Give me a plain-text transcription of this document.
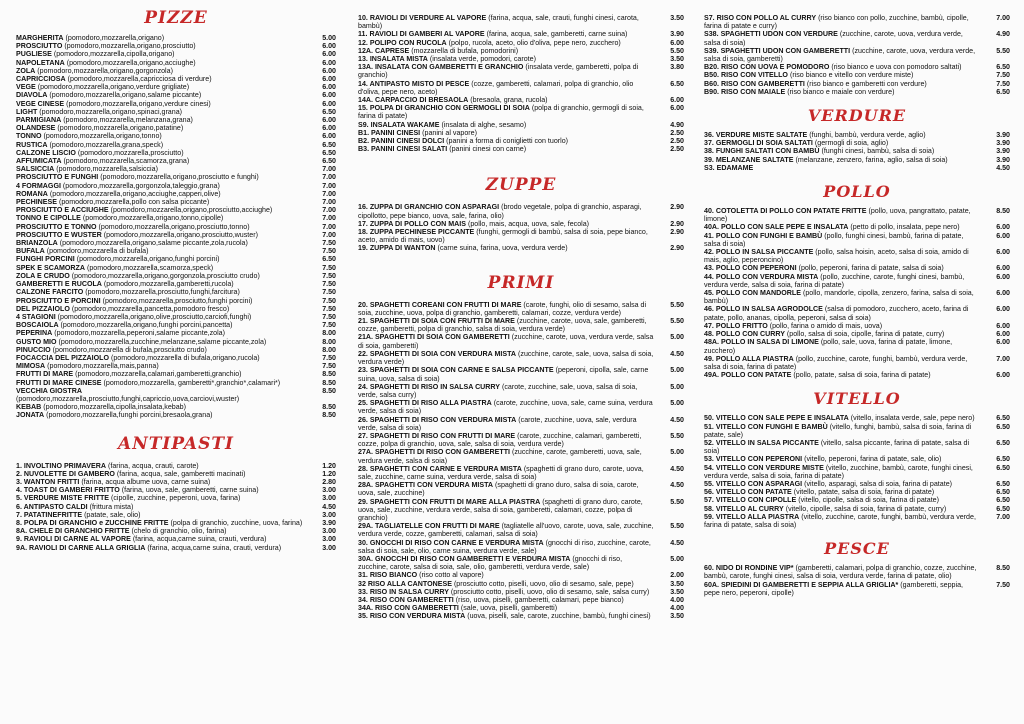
PIZZE
MARGHERITA (pomodoro,mozzarella,origano)	5.00
PROSCIUTTO (pomodoro,mozzarella,origano,prosciutto)	6.00
PUGLIESE (pomodoro,mozzarella,cipolla,origano)	6.00
NAPOLETANA (pomodoro,mozzarella,origano,acciughe)	6.00
ZOLA (pomodoro,mozzarella,origano,gorgonzola)	6.00
CAPRICCIOSA (pomodoro,mozzarella,capricciosa di verdure)	6.00
VEGE (pomodoro,mozzarella,origano,verdure grigliate)	6.00
DIAVOLA (pomodoro,mozzarella,origano,salame piccante)	6.00
VEGE CINESE (pomodoro,mozzarella,origano,verdure cinesi)	6.00
LIGHT (pomodoro,mozzarella,origano,spinaci,grana)	6.50
PARMIGIANA (pomodoro,mozzarella,melanzana,grana)	6.00
OLANDESE (pomodoro,mozzarella,origano,patatine)	6.00
TONNO (pomodoro,mozzarella,origano,tonno)	6.00
RUSTICA (pomodoro,mozzarella,grana,speck)	6.50
CALZONE LISCIO (pomodoro,mozzarella,prosciutto)	6.50
AFFUMICATA (pomodoro,mozzarella,scamorza,grana)	6.50
SALSICCIA (pomodoro,mozzarella,salsiccia)	7.00
PROSCIUTTO E FUNGHI (pomodoro,mozzarella,origano,prosciutto e funghi)	7.00
4 FORMAGGI (pomodoro,mozzarella,gorgonzola,taleggio,grana)	7.00
ROMANA (pomodoro,mozzarella,origano,acciughe,capperi,olive)	7.00
PECHINESE (pomodoro,mozzarella,pollo con salsa piccante)	7.00
PROSCIUTTO E ACCIUGHE (pomodoro,mozzarella,origano,prosciutto,acciughe)	7.00
TONNO E CIPOLLE (pomodoro,mozzarella,origano,tonno,cipolle)	7.00
PROSCIUTTO E TONNO (pomodoro,mozzarella,origano,prosciutto,tonno)	7.00
PROSCIUTTO E WUSTER (pomodoro,mozzarella,origano,prosciutto,wuster)	7.00
BRIANZOLA (pomodoro,mozzarella,origano,salame piccante,zola,rucola)	7.50
BUFALA (pomodoro,mozzarella di bufala)	7.50
FUNGHI PORCINI (pomodoro,mozzarella,origano,funghi porcini)	6.50
SPEK E SCAMORZA (pomodoro,mozzarella,scamorza,speck)	7.50
ZOLA E CRUDO (pomodoro,mozzarella,origano,gorgonzola,prosciutto crudo)	7.50
GAMBERETTI E RUCOLA (pomodoro,mozzarella,gamberetti,rucola)	7.50
CALZONE FARCITO (pomodoro,mozzarella,prosciutto,funghi,farcitura)	7.50
PROSCIUTTO E PORCINI (pomodoro,mozzarella,prosciutto,funghi porcini)	7.50
DEL PIZZAIOLO (pomodoro,mozzarella,pancetta,pomodoro fresco)	7.50
4 STAGIONI (pomodoro,mozzarella,origano,olive,prosciutto,carciofi,funghi)	7.50
BOSCAIOLA (pomodoro,mozzarella,origano,funghi porcini,pancetta)	7.50
PEPERINA (pomodoro,mozzarella,peperoni,salame piccante,zola)	8.00
GUSTO MIO (pomodoro,mozzarella,zucchine,melanzane,salame piccante,zola)	8.00
PINUCCIO (pomodoro,mozzarella di bufala,prosciutto crudo)	8.00
FOCACCIA DEL PIZZAIOLO (pomodoro,mozzarella di bufala,origano,rucola)	7.50
MIMOSA (pomodoro,mozzarella,mais,panna)	7.50
FRUTTI DI MARE (pomodoro,mozzarella,calamari,gamberetti,granchio)	8.50
FRUTTI DI MARE CINESE (pomodoro,mozzarella, gamberetti*,granchio*,calamari*)	8.50
VECCHIA GIOSTRA (pomodoro,mozzarella,prosciutto,funghi,capriccio,uova,carciovi,wuster)
8.50
KEBAB (pomodoro,mozzarella,cipolla,insalata,kebab)	8.50
JONATA (pomodoro,mozzarella,funghi porcini,bresaola,grana)	8.50
ANTIPASTI
1. INVOLTINO PRIMAVERA (farina, acqua, crauti, carote)	1.20
2. NUVOLETTE DI GAMBERO (farina, acqua, sale, gamberetti macinati)	1.20
3. WANTON FRITTI (farina, acqua albume uova, carne suina)	2.80
4. TOAST DI GAMBERI FRITTO (farina, uova, sale, gamberetti, carne suina)	3.00
5. VERDURE MISTE FRITTE (cipolle, zucchine, peperoni, uova, farina)	3.00
6. ANTIPASTO CALDI (frittura mista)	4.50
7. PATATINEFRITTE (patate, sale, olio)	3.00
8. POLPA DI GRANCHIO e ZUCCHINE FRITTE (polpa di granchio, zucchine, uova, farina)	3.90
8A. CHELE DI GRANCHIO FRITTE (chelo di granchio, olio, farina)	3.00
9. RAVIOLI DI CARNE AL VAPORE (farina, acqua,carne suina, crauti, verdura)	3.00
9A. RAVIOLI DI CARNE ALLA GRIGLIA (farina, acqua,carne suina, crauti, verdura)	3.00
10. RAVIOLI DI VERDURE AL VAPORE (farina, acqua, sale, crauti, funghi cinesi, carota, bambù)
3.50
11. RAVIOLI DI GAMBERI AL VAPORE (farina, acqua, sale, gamberetti, carne suina)	3.90
12. POLIPO CON RUCOLA (polpo, rucola, aceto, olio d'oliva, pepe nero, zucchero)	6.00
12A. CAPRESE (mozzarella di bufala, pomodorini)	5.50
13. INSALATA MISTA (insalata verde, pomodori, carote)	3.50
13A. INSALATA CON GAMBERETTI E GRANCHIO (insalata verde, gamberetti, polpa di granchio)
3.80
14. ANTIPASTO MISTO DI PESCE (cozze, gamberetti, calamari, polpa di granchio, olio d'oliva, pepe nero, aceto)
6.50
14A. CARPACCIO DI BRESAOLA (bresaola, grana, rucola)	6.00
15. POLPA DI GRANCHIO CON GERMOGLI DI SOIA (polpa di granchio, germogli di soia, farina di patate)
6.00
S9. INSALATA WAKAME (insalata di alghe, sesamo)	4.90
B1. PANINI CINESI (panini al vapore)	2.50
B2. PANINI CINESI DOLCI (panini a forma di coniglietti con tuorlo)	2.50
B3. PANINI CINESI SALATI (panini cinesi con carne)	2.50
ZUPPE
16. ZUPPA DI GRANCHIO CON ASPARAGI (brodo vegetale, polpa di granchio, asparagi, cipollotto, pepe bianco, uova, sale, farina, olio)
2.90
17. ZUPPA DI POLLO CON MAIS (pollo, mais, acqua, uova, sale, fecola)	2.90
18. ZUPPA PECHINESE PICCANTE (funghi, germogli di bambù, salsa di soia, pepe bianco, aceto, amido di mais, uovo)
2.90
19. ZUPPA DI WANTON (carne suina, farina, uova, verdura verde)	2.90
PRIMI
20. SPAGHETTI COREANI CON FRUTTI DI MARE (carote, funghi, olio di sesamo, salsa di soia, zucchine, uova, polpa di granchio, gamberetti, calamari, cozze, verdura verde)
5.50
21. SPAGHETTI DI SOIA CON FRUTTI DI MARE (zucchine, carote, uova, sale, gamberetti, cozze, gamberetti, polpa di granchio, salsa di soia, verdura verde)
5.50
21A. SPAGHETTI DI SOIA CON GAMBERETTI (zucchine, carote, uova, verdura verde, salsa di soia, gamberetti)
5.00
22. SPAGHETTI DI SOIA CON VERDURA MISTA (zucchine, carote, sale, uova, salsa di soia, verdura verde)
4.50
23. SPAGHETTI DI SOIA CON CARNE E SALSA PICCANTE (peperoni, cipolla, sale, carne suina, uova, salsa di soia)
5.00
24. SPAGHETTI DI RISO IN SALSA CURRY (carote, zucchine, sale, uova, salsa di soia, verde, salsa curry)
5.00
25. SPAGHETTI DI RISO ALLA PIASTRA (carote, zucchine, uova, sale, carne suina, verdura verde, salsa di soia)
5.00
26. SPAGHETTI DI RISO CON VERDURA MISTA (carote, zucchine, uova, sale, verdura verde, salsa di soia)
4.50
27. SPAGHETTI DI RISO CON FRUTTI DI MARE (carote, zucchine, calamari, gamberetti, cozze, polpa di granchio, uova, sale, salsa di soia, verdura verde)
5.50
27A. SPAGHETTI DI RISO CON GAMBERETTI (zucchine, carote, gamberetti, uova, sale, verdura verde, salsa di soia)
5.00
28. SPAGHETTI CON CARNE E VERDURA MISTA (spaghetti di grano duro, carote, uova, sale, zucchine, carne suina, verdura verde, salsa di soia)
4.50
28A. SPAGHETTI CON VERDURA MISTA (spaghetti di grano duro, salsa di soia, carote, uova, sale, zucchine)
4.50
29. SPAGHETTI CON FRUTTI DI MARE ALLA PIASTRA (spaghetti di grano duro, carote, uova, sale, zucchine, verdura verde, salsa di soia, gamberetti, calamari, cozze, polpa di granchio)
5.50
29A. TAGLIATELLE CON FRUTTI DI MARE (tagliatelle all'uovo, carote, uova, sale, zucchine, verdura verde, cozze, gamberetti, calamari, salsa di soia)
5.50
30. GNOCCHI DI RISO CON CARNE E VERDURA MISTA (gnocchi di riso, zucchine, carote, salsa di soia, sale, olio, carne suina, verdura verde, sale)
4.50
30A. GNOCCHI DI RISO CON GAMBERETTI E VERDURA MISTA (gnocchi di riso, zucchine, carote, salsa di soia, sale, olio, gamberetti, verdura verde, sale)
5.00
31. RISO BIANCO (riso cotto al vapore)	2.00
32 RISO ALLA CANTONESE (prosciutto cotto, piselli, uovo, olio di sesamo, sale, pepe)	3.50
33. RISO IN SALSA CURRY (prosciutto cotto, piselli, uovo, olio di sesamo, sale, salsa curry)	3.50
34. RISO CON GAMBERETTI (riso, uova, piselli, gamberetti, calamari, pepe bianco)	4.00
34A. RISO CON GAMBERETTI (sale, uova, piselli, gamberetti)	4.00
35. RISO CON VERDURA MISTA (uova, piselli, sale, carote, zucchine, bambù, funghi cinesi)	3.50
S7. RISO CON POLLO AL CURRY (riso bianco con pollo, zucchine, bambù, cipolle, farina di patate e curry)
7.00
S38. SPAGHETTI UDON CON VERDURE (zucchine, carote, uova, verdura verde, salsa di soia)
4.90
S39. SPAGHETTI UDON CON GAMBERETTI (zucchine, carote, uova, verdura verde, salsa di soia, gamberetti)
5.50
B20. RISO CON UOVA E POMODORO (riso bianco e uova con pomodoro saltati)	6.50
B50. RISO CON VITELLO (riso bianco e vitello con verdure miste)	7.50
B60. RISO CON GAMBERETTI (riso bianco e gamberetti con verdure)	7.50
B90. RISO CON MAIALE (riso bianco e maiale con verdure)	6.50
VERDURE
36. VERDURE MISTE SALTATE (funghi, bambù, verdura verde, aglio)	3.90
37. GERMOGLI DI SOIA SALTATI (germogli di soia, aglio)	3.90
38. FUNGHI SALTATI CON BAMBÙ (funghi cinesi, bambù, salsa di soia)	3.90
39. MELANZANE SALTATE (melanzane, zenzero, farina, aglio, salsa di soia)	3.90
S3. EDAMAME	4.50
POLLO
40. COTOLETTA DI POLLO CON PATATE FRITTE (pollo, uova, pangrattato, patate, limone)
8.50
40A. POLLO CON SALE PEPE E INSALATA (petto di pollo, insalata, pepe nero)	6.00
41. POLLO CON FUNGHI E BAMBÙ (pollo, funghi cinesi, bambù, farina di patate, salsa di soia)
6.00
42. POLLO IN SALSA PICCANTE (pollo, salsa hoisin, aceto, salsa di soia, amido di mais, aglio, peperoncino)
6.00
43. POLLO CON PEPERONI (pollo, peperoni, farina di patate, salsa di soia)	6.00
44. POLLO CON VERDURA MISTA (pollo, zucchine, carote, funghi cinesi, bambù, verdura verde, salsa di soia, farina di patate)
6.00
45. POLLO CON MANDORLE (pollo, mandorle, cipolla, zenzero, farina, salsa di soia, bambù)
6.00
46. POLLO IN SALSA AGRODOLCE (salsa di pomodoro, zucchero, aceto, farina di patate, pollo, ananas, cipolla, peperoni, salsa di soia)
6.00
47. POLLO FRITTO (pollo, farina o amido di mais, uova)	6.00
48. POLLO CON CURRY (pollo, salsa di soia, cipolle, farina di patate, curry)	6.00
48A. POLLO IN SALSA DI LIMONE (pollo, sale, uova, farina di patate, limone, zucchero)
6.00
49. POLLO ALLA PIASTRA (pollo, zucchine, carote, funghi, bambù, verdura verde, salsa di soia, farina di patate)
7.00
49A. POLLO CON PATATE (pollo, patate, salsa di soia, farina di patate)	6.00
VITELLO
50. VITELLO CON SALE PEPE E INSALATA (vitello, insalata verde, sale, pepe nero)	6.50
51. VITELLO CON FUNGHI E BAMBÙ (vitello, funghi, bambù, salsa di soia, farina di patate, sale)
6.50
52. VITELLO IN SALSA PICCANTE (vitello, salsa piccante, farina di patate, salsa di soia)
6.50
53. VITELLO CON PEPERONI (vitello, peperoni, farina di patate, sale, olio)	6.50
54. VITELLO CON VERDURE MISTE (vitello, zucchine, bambù, carote, funghi cinesi, verdura verde, salsa di soia, farina di patate)
6.50
55. VITELLO CON ASPARAGI (vitello, asparagi, salsa di soia, farina di patate)	6.50
56. VITELLO CON PATATE (vitello, patate, salsa di soia, farina di patate)	6.50
57. VITELLO CON CIPOLLE (vitello, cipolle, salsa di soia, farina di patate)	6.50
58. VITELLO AL CURRY (vitello, cipolle, salsa di soia, farina di patate, curry)	6.50
59. VITELLO ALLA PIASTRA (vitello, zucchine, carote, funghi, bambù, verdura verde, farina di patate, salsa di soia)
7.00
PESCE
60. NIDO DI RONDINE VIP* (gamberetti, calamari, polpa di granchio, cozze, zucchine, bambù, carote, funghi cinesi, salsa di soia, verdura verde, farina di patate, olio)
8.50
60A. SPIEDINI DI GAMBERETTI E SEPPIA ALLA GRIGLIA* (gamberetti, seppia, pepe nero, peperoni, cipolle)
7.50
